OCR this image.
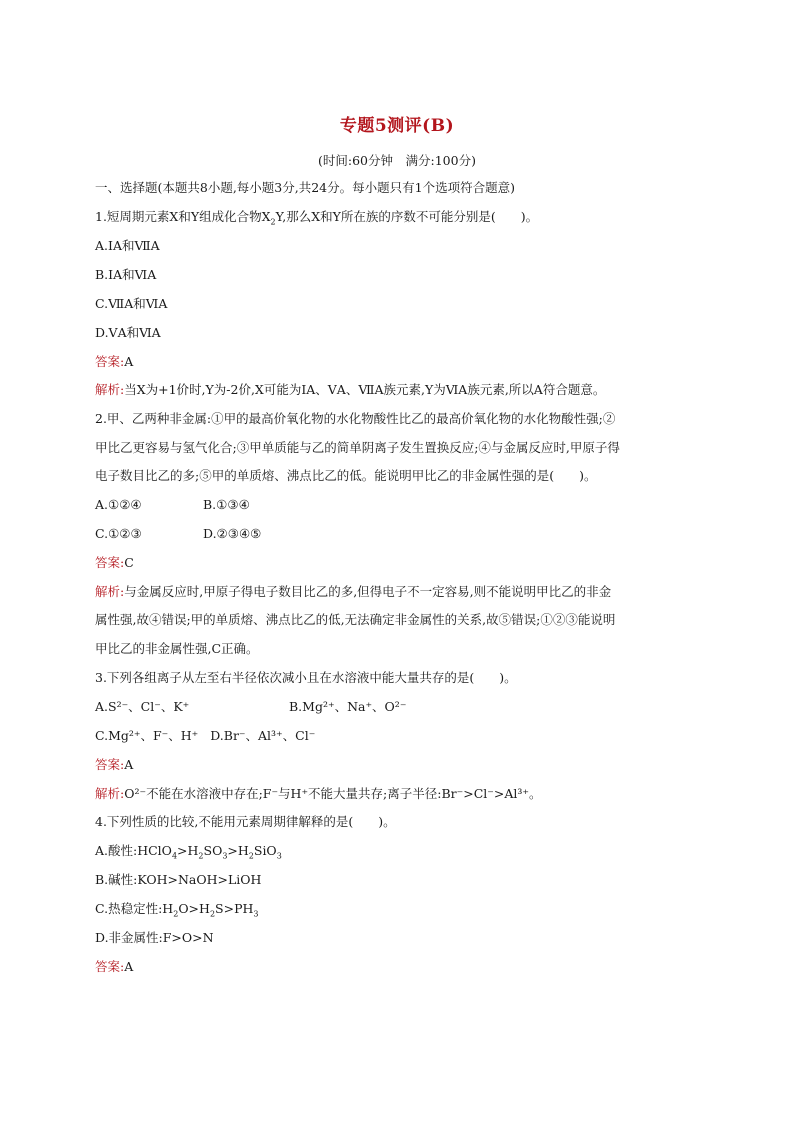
专题5测评(B)
(时间:60分钟　满分:100分)
一、选择题(本题共8小题,每小题3分,共24分。每小题只有1个选项符合题意)
1.短周期元素X和Y组成化合物$X_2Y$,那么X和Y所在族的序数不可能分别是(　　)。
A.ⅠA和ⅦA
B.ⅠA和ⅥA
C.ⅦA和ⅥA
D.ⅤA和ⅥA
答案:A
解析:当X为+1价时,Y为-2价,X可能为ⅠA、ⅤA、ⅦA族元素,Y为ⅥA族元素,所以A符合题意。
2.甲、乙两种非金属:①甲的最高价氧化物的水化物酸性比乙的最高价氧化物的水化物酸性强;②
甲比乙更容易与氢气化合;③甲单质能与乙的简单阴离子发生置换反应;④与金属反应时,甲原子得
电子数目比乙的多;⑤甲的单质熔、沸点比乙的低。能说明甲比乙的非金属性强的是(　　)。
A.①②④	B.①③④
C.①②③	D.②③④⑤
答案:C
解析:与金属反应时,甲原子得电子数目比乙的多,但得电子不一定容易,则不能说明甲比乙的非金
属性强,故④错误;甲的单质熔、沸点比乙的低,无法确定非金属性的关系,故⑤错误;①②③能说明
甲比乙的非金属性强,C正确。
3.下列各组离子从左至右半径依次减小且在水溶液中能大量共存的是(　　)。
A.S²⁻、Cl⁻、K⁺	B.Mg²⁺、Na⁺、O²⁻
C.Mg²⁺、F⁻、H⁺ D.Br⁻、Al³⁺、Cl⁻
答案:A
解析:O²⁻不能在水溶液中存在;F⁻与H⁺不能大量共存;离子半径:Br⁻>Cl⁻>Al³⁺。
4.下列性质的比较,不能用元素周期律解释的是(　　)。
A.酸性$:HClO_4>H_2SO_3>H_2SiO_3$
B.碱性:KOH>NaOH>LiOH
C.热稳定性$:H_2O>H_2S>PH_3$
D.非金属性:F>O>N
答案:A
